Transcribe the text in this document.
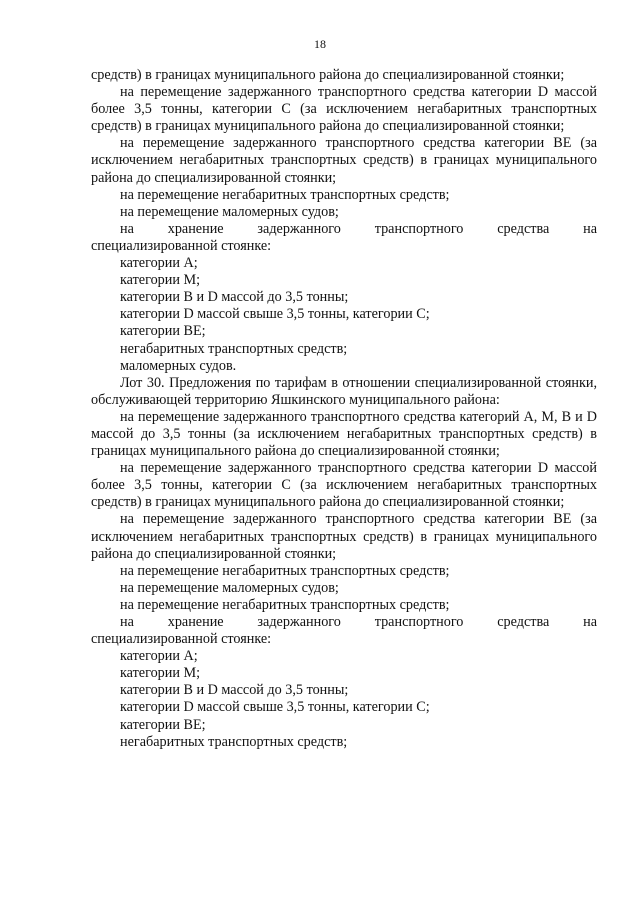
18

средств) в границах муниципального района до специализированной стоянки;

на перемещение задержанного транспортного средства категории D массой более 3,5 тонны, категории C (за исключением негабаритных транспортных средств) в границах муниципального района до специализированной стоянки;

на перемещение задержанного транспортного средства категории BE (за исключением негабаритных транспортных средств) в границах муниципального района до специализированной стоянки;

на перемещение негабаритных транспортных средств;

на перемещение маломерных судов;

на хранение задержанного транспортного средства на

специализированной стоянке:

категории A;

категории M;

категории B и D массой до 3,5 тонны;

категории D массой свыше 3,5 тонны, категории C;

категории BE;

негабаритных транспортных средств;

маломерных судов.

Лот 30. Предложения по тарифам в отношении специализированной стоянки, обслуживающей территорию Яшкинского муниципального района:

на перемещение задержанного транспортного средства категорий A, M, B и D массой до 3,5 тонны (за исключением негабаритных транспортных средств) в границах муниципального района до специализированной стоянки;

на перемещение задержанного транспортного средства категории D массой более 3,5 тонны, категории C (за исключением негабаритных транспортных средств) в границах муниципального района до специализированной стоянки;

на перемещение задержанного транспортного средства категории BE (за исключением негабаритных транспортных средств) в границах муниципального района до специализированной стоянки;

на перемещение негабаритных транспортных средств;

на перемещение маломерных судов;

на перемещение негабаритных транспортных средств;

на хранение задержанного транспортного средства на

специализированной стоянке:

категории A;

категории M;

категории B и D массой до 3,5 тонны;

категории D массой свыше 3,5 тонны, категории C;

категории BE;

негабаритных транспортных средств;
